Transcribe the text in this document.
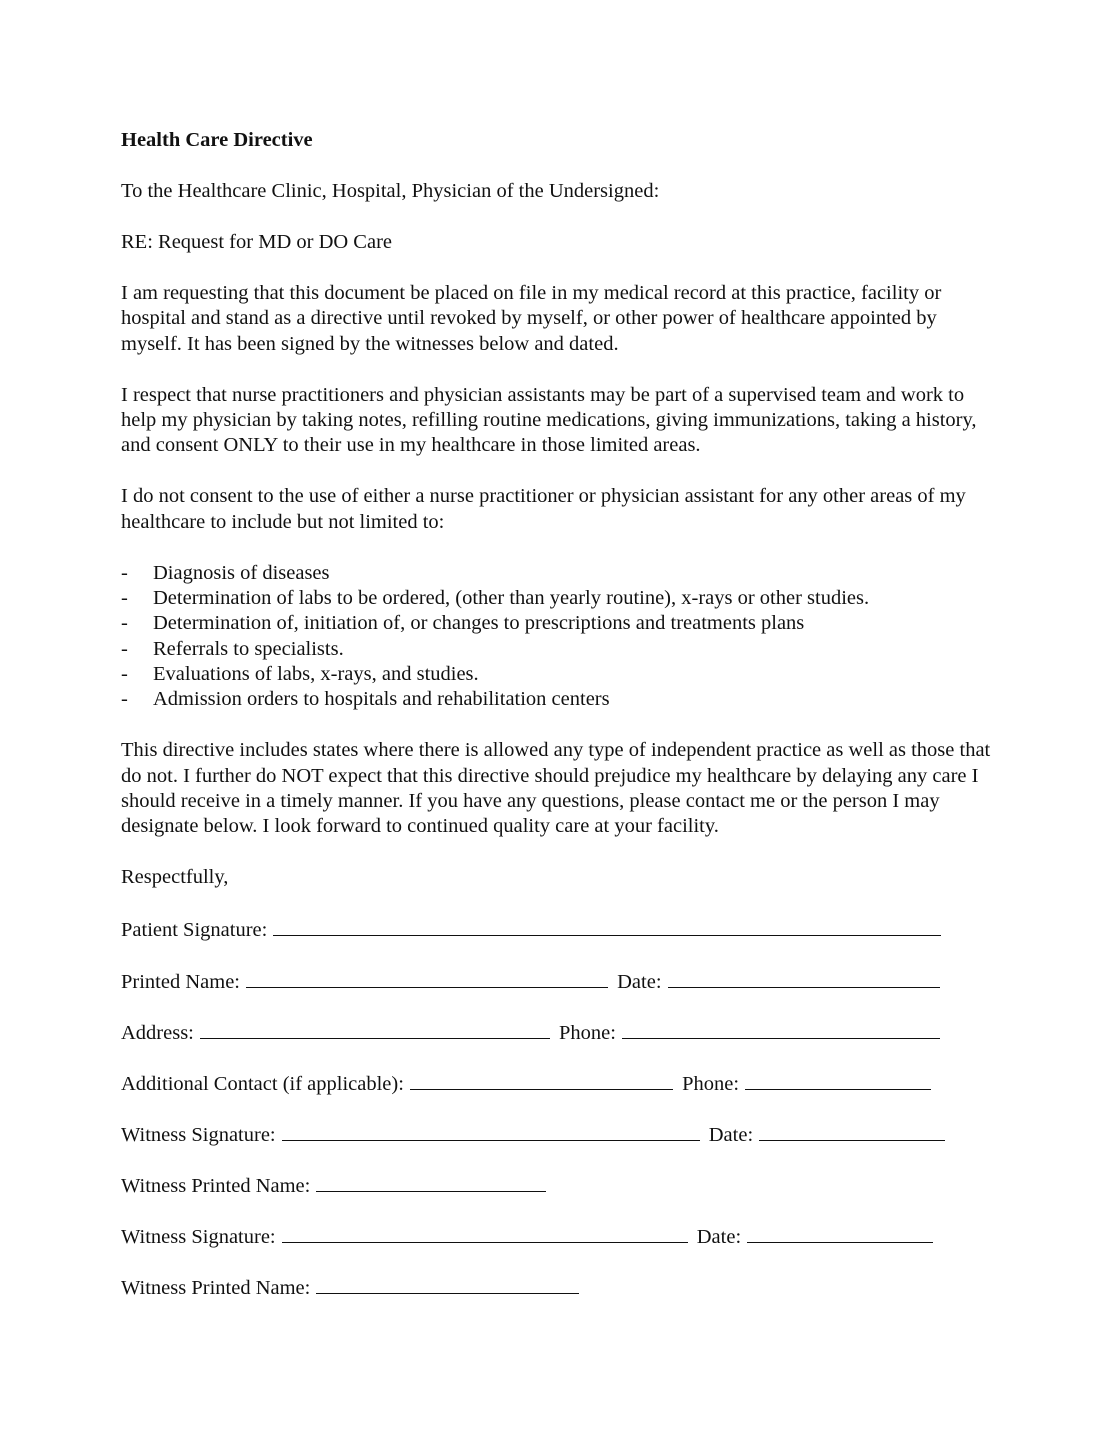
Health Care Directive

To the Healthcare Clinic, Hospital, Physician of the Undersigned:

RE: Request for MD or DO Care

I am requesting that this document be placed on file in my medical record at this practice, facility or hospital and stand as a directive until revoked by myself, or other power of healthcare appointed by myself. It has been signed by the witnesses below and dated.

I respect that nurse practitioners and physician assistants may be part of a supervised team and work to help my physician by taking notes, refilling routine medications, giving immunizations, taking a history, and consent ONLY to their use in my healthcare in those limited areas.

I do not consent to the use of either a nurse practitioner or physician assistant for any other areas of my healthcare to include but not limited to:

- Diagnosis of diseases
- Determination of labs to be ordered, (other than yearly routine), x-rays or other studies.
- Determination of, initiation of, or changes to prescriptions and treatments plans
- Referrals to specialists.
- Evaluations of labs, x-rays, and studies.
- Admission orders to hospitals and rehabilitation centers

This directive includes states where there is allowed any type of independent practice as well as those that do not. I further do NOT expect that this directive should prejudice my healthcare by delaying any care I should receive in a timely manner. If you have any questions, please contact me or the person I may designate below. I look forward to continued quality care at your facility.

Respectfully,

Patient Signature:

Printed Name:	Date:

Address:	Phone:

Additional Contact (if applicable):	Phone:

Witness Signature:	Date:

Witness Printed Name:

Witness Signature:	Date:

Witness Printed Name:
